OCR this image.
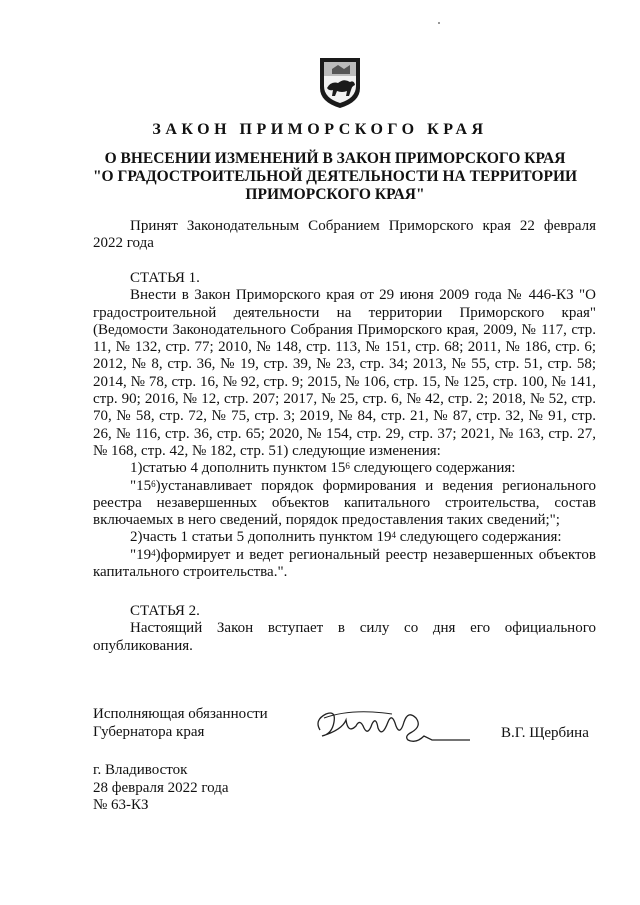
ЗАКОН ПРИМОРСКОГО КРАЯ
О ВНЕСЕНИИ ИЗМЕНЕНИЙ В ЗАКОН ПРИМОРСКОГО КРАЯ
"О ГРАДОСТРОИТЕЛЬНОЙ ДЕЯТЕЛЬНОСТИ НА ТЕРРИТОРИИ
ПРИМОРСКОГО КРАЯ"
Принят Законодательным Собранием Приморского края 22 февраля 2022 года

СТАТЬЯ 1.

Внести в Закон Приморского края от 29 июня 2009 года № 446-КЗ "О градостроительной деятельности на территории Приморского края" (Ведомости Законодательного Собрания Приморского края, 2009, № 117, стр. 11, № 132, стр. 77; 2010, № 148, стр. 113, № 151, стр. 68; 2011, № 186, стр. 6; 2012, № 8, стр. 36, № 19, стр. 39, № 23, стр. 34; 2013, № 55, стр. 51, стр. 58; 2014, № 78, стр. 16, № 92, стр. 9; 2015, № 106, стр. 15, № 125, стр. 100, № 141, стр. 90; 2016, № 12, стр. 207; 2017, № 25, стр. 6, № 42, стр. 2; 2018, № 52, стр. 70, № 58, стр. 72, № 75, стр. 3; 2019, № 84, стр. 21, № 87, стр. 32, № 91, стр. 26, № 116, стр. 36, стр. 65; 2020, № 154, стр. 29, стр. 37; 2021, № 163, стр. 27, № 168, стр. 42, № 182, стр. 51) следующие изменения:

1)статью 4 дополнить пунктом $15^6$ следующего содержания:

"$15^6)устанавливает$ порядок формирования и ведения регионального реестра незавершенных объектов капитального строительства, состав включаемых в него сведений, порядок предоставления таких сведений;";

2)часть 1 статьи 5 дополнить пунктом $19^4$ следующего содержания:

"$19^4)формирует$ и ведет региональный реестр незавершенных объектов капитального строительства.".

СТАТЬЯ 2.

Настоящий Закон вступает в силу со дня его официального опубликования.

Исполняющая обязанности
Губернатора края	В.Г. Щербина
г. Владивосток
28 февраля 2022 года
№ 63-КЗ
